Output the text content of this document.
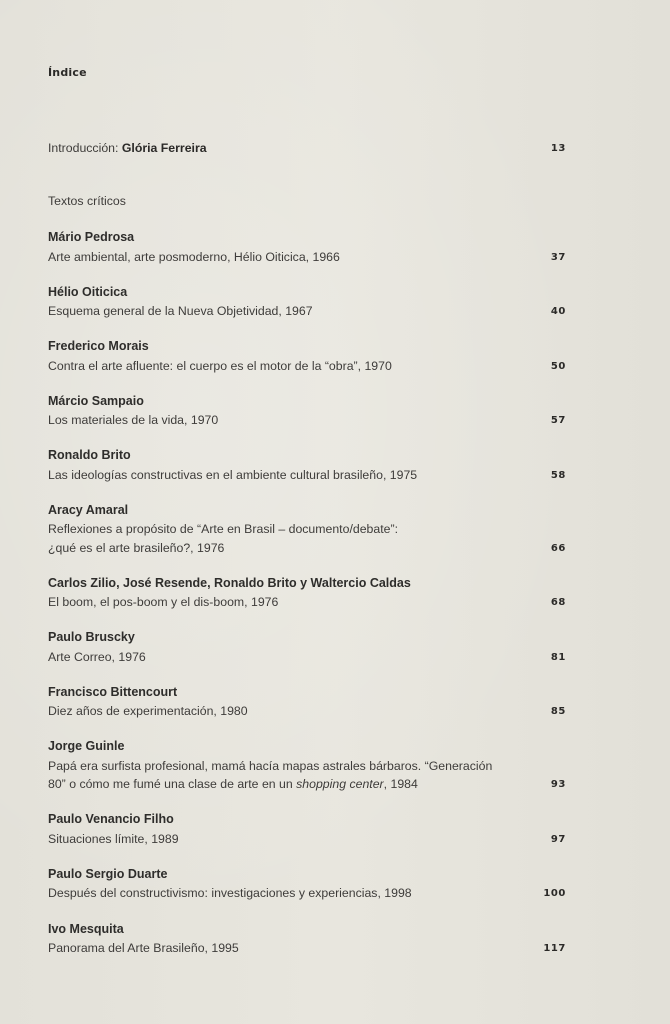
Índice
Introducción: Glória Ferreira	13
Textos críticos
Mário Pedrosa
Arte ambiental, arte posmoderno, Hélio Oiticica, 1966	37
Hélio Oiticica
Esquema general de la Nueva Objetividad, 1967	40
Frederico Morais
Contra el arte afluente: el cuerpo es el motor de la “obra”, 1970	50
Márcio Sampaio
Los materiales de la vida, 1970	57
Ronaldo Brito
Las ideologías constructivas en el ambiente cultural brasileño, 1975	58
Aracy Amaral
Reflexiones a propósito de “Arte en Brasil – documento/debate”:
¿qué es el arte brasileño?, 1976	66
Carlos Zilio, José Resende, Ronaldo Brito y Waltercio Caldas
El boom, el pos-boom y el dis-boom, 1976	68
Paulo Bruscky
Arte Correo, 1976	81
Francisco Bittencourt
Diez años de experimentación, 1980	85
Jorge Guinle
Papá era surfista profesional, mamá hacía mapas astrales bárbaros. “Generación
80” o cómo me fumé una clase de arte en un shopping center, 1984	93
Paulo Venancio Filho
Situaciones límite, 1989	97
Paulo Sergio Duarte
Después del constructivismo: investigaciones y experiencias, 1998	100
Ivo Mesquita
Panorama del Arte Brasileño, 1995	117
